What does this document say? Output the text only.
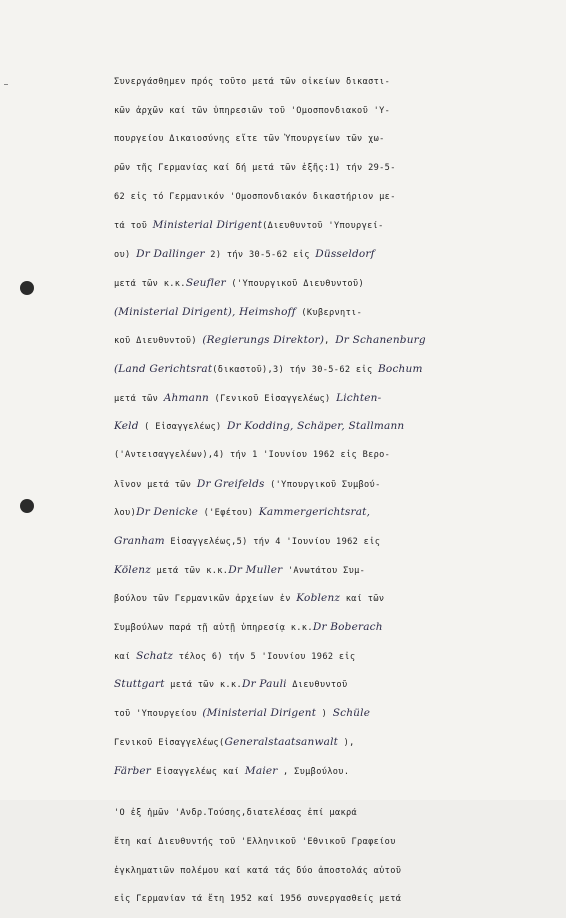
Συνεργάσθημεν πρός τοῦτο μετά τῶν οἰκείων δικαστι-
κῶν ἀρχῶν καί τῶν ὑπηρεσιῶν τοῦ 'Ομοσπονδιακοῦ 'Υ-
πουργείου Δικαιοσύνης εἴτε τῶν Ὑπουργείων τῶν χω-
ρῶν τῆς Γερμανίας καί δή μετά τῶν ἑξῆς:1) τήν 29-5-
62 εἰς τό Γερμανικόν 'Ομοσπονδιακόν δικαστήριον με-
τά τοῦ Ministerial Dirigent(Διευθυντοῦ 'Υπουργεί-
ου) Dr Dallinger 2) τήν 30-5-62 εἰς Düsseldorf
μετά τῶν κ.κ.Seufler ('Υπουργικοῦ Διευθυντοῦ)
(Ministerial Dirigent), Heimshoff (Κυβερνητι-
κοῦ Διευθυντοῦ) (Regierungs Direktor), Dr Schanenburg
(Land Gerichtsrat(δικαστοῦ),3) τήν 30-5-62 εἰς Bochum
μετά τῶν Ahmann (Γενικοῦ Εἰσαγγελέως) Lichten-
Keld ( Εἰσαγγελέως) Dr Kodding, Schäper, Stallmann
('Αντεισαγγελέων),4) τήν 1 'Ιουνίου 1962 εἰς Βερο-
λῖνον μετά τῶν Dr Greifelds ('Υπουργικοῦ Συμβού-
λου)Dr Denicke ('Εφέτου) Kammergerichtsrat,
Granham Εἰσαγγελέως,5) τήν 4 'Ιουνίου 1962 εἰς
Kölenz μετά τῶν κ.κ.Dr Muller 'Ανωτάτου Συμ-
βούλου τῶν Γερμανικῶν ἀρχείων ἐν Koblenz καί τῶν
Συμβούλων παρά τῇ αὐτῇ ὑπηρεσίᾳ κ.κ.Dr Boberach
καί Schatz τέλος 6) τήν 5 'Ιουνίου 1962 εἰς
Stuttgart μετά τῶν κ.κ.Dr Pauli Διευθυντοῦ
τοῦ 'Υπουργείου (Ministerial Dirigent ) Schüle
Γενικοῦ Εἰσαγγελέως(Generalstaatsanwalt ),
Färber Εἰσαγγελέως καί Maier , Συμβούλου.
'Ο ἐξ ἡμῶν 'Ανδρ.Τούσης,διατελέσας ἐπί μακρά
ἔτη καί Διευθυντής τοῦ 'Ελληνικοῦ 'Εθνικοῦ Γραφείου
ἐγκληματιῶν πολέμου καί κατά τάς δύο ἀποστολάς αὐτοῦ
εἰς Γερμανίαν τά ἔτη 1952 καί 1956 συνεργασθείς μετά
